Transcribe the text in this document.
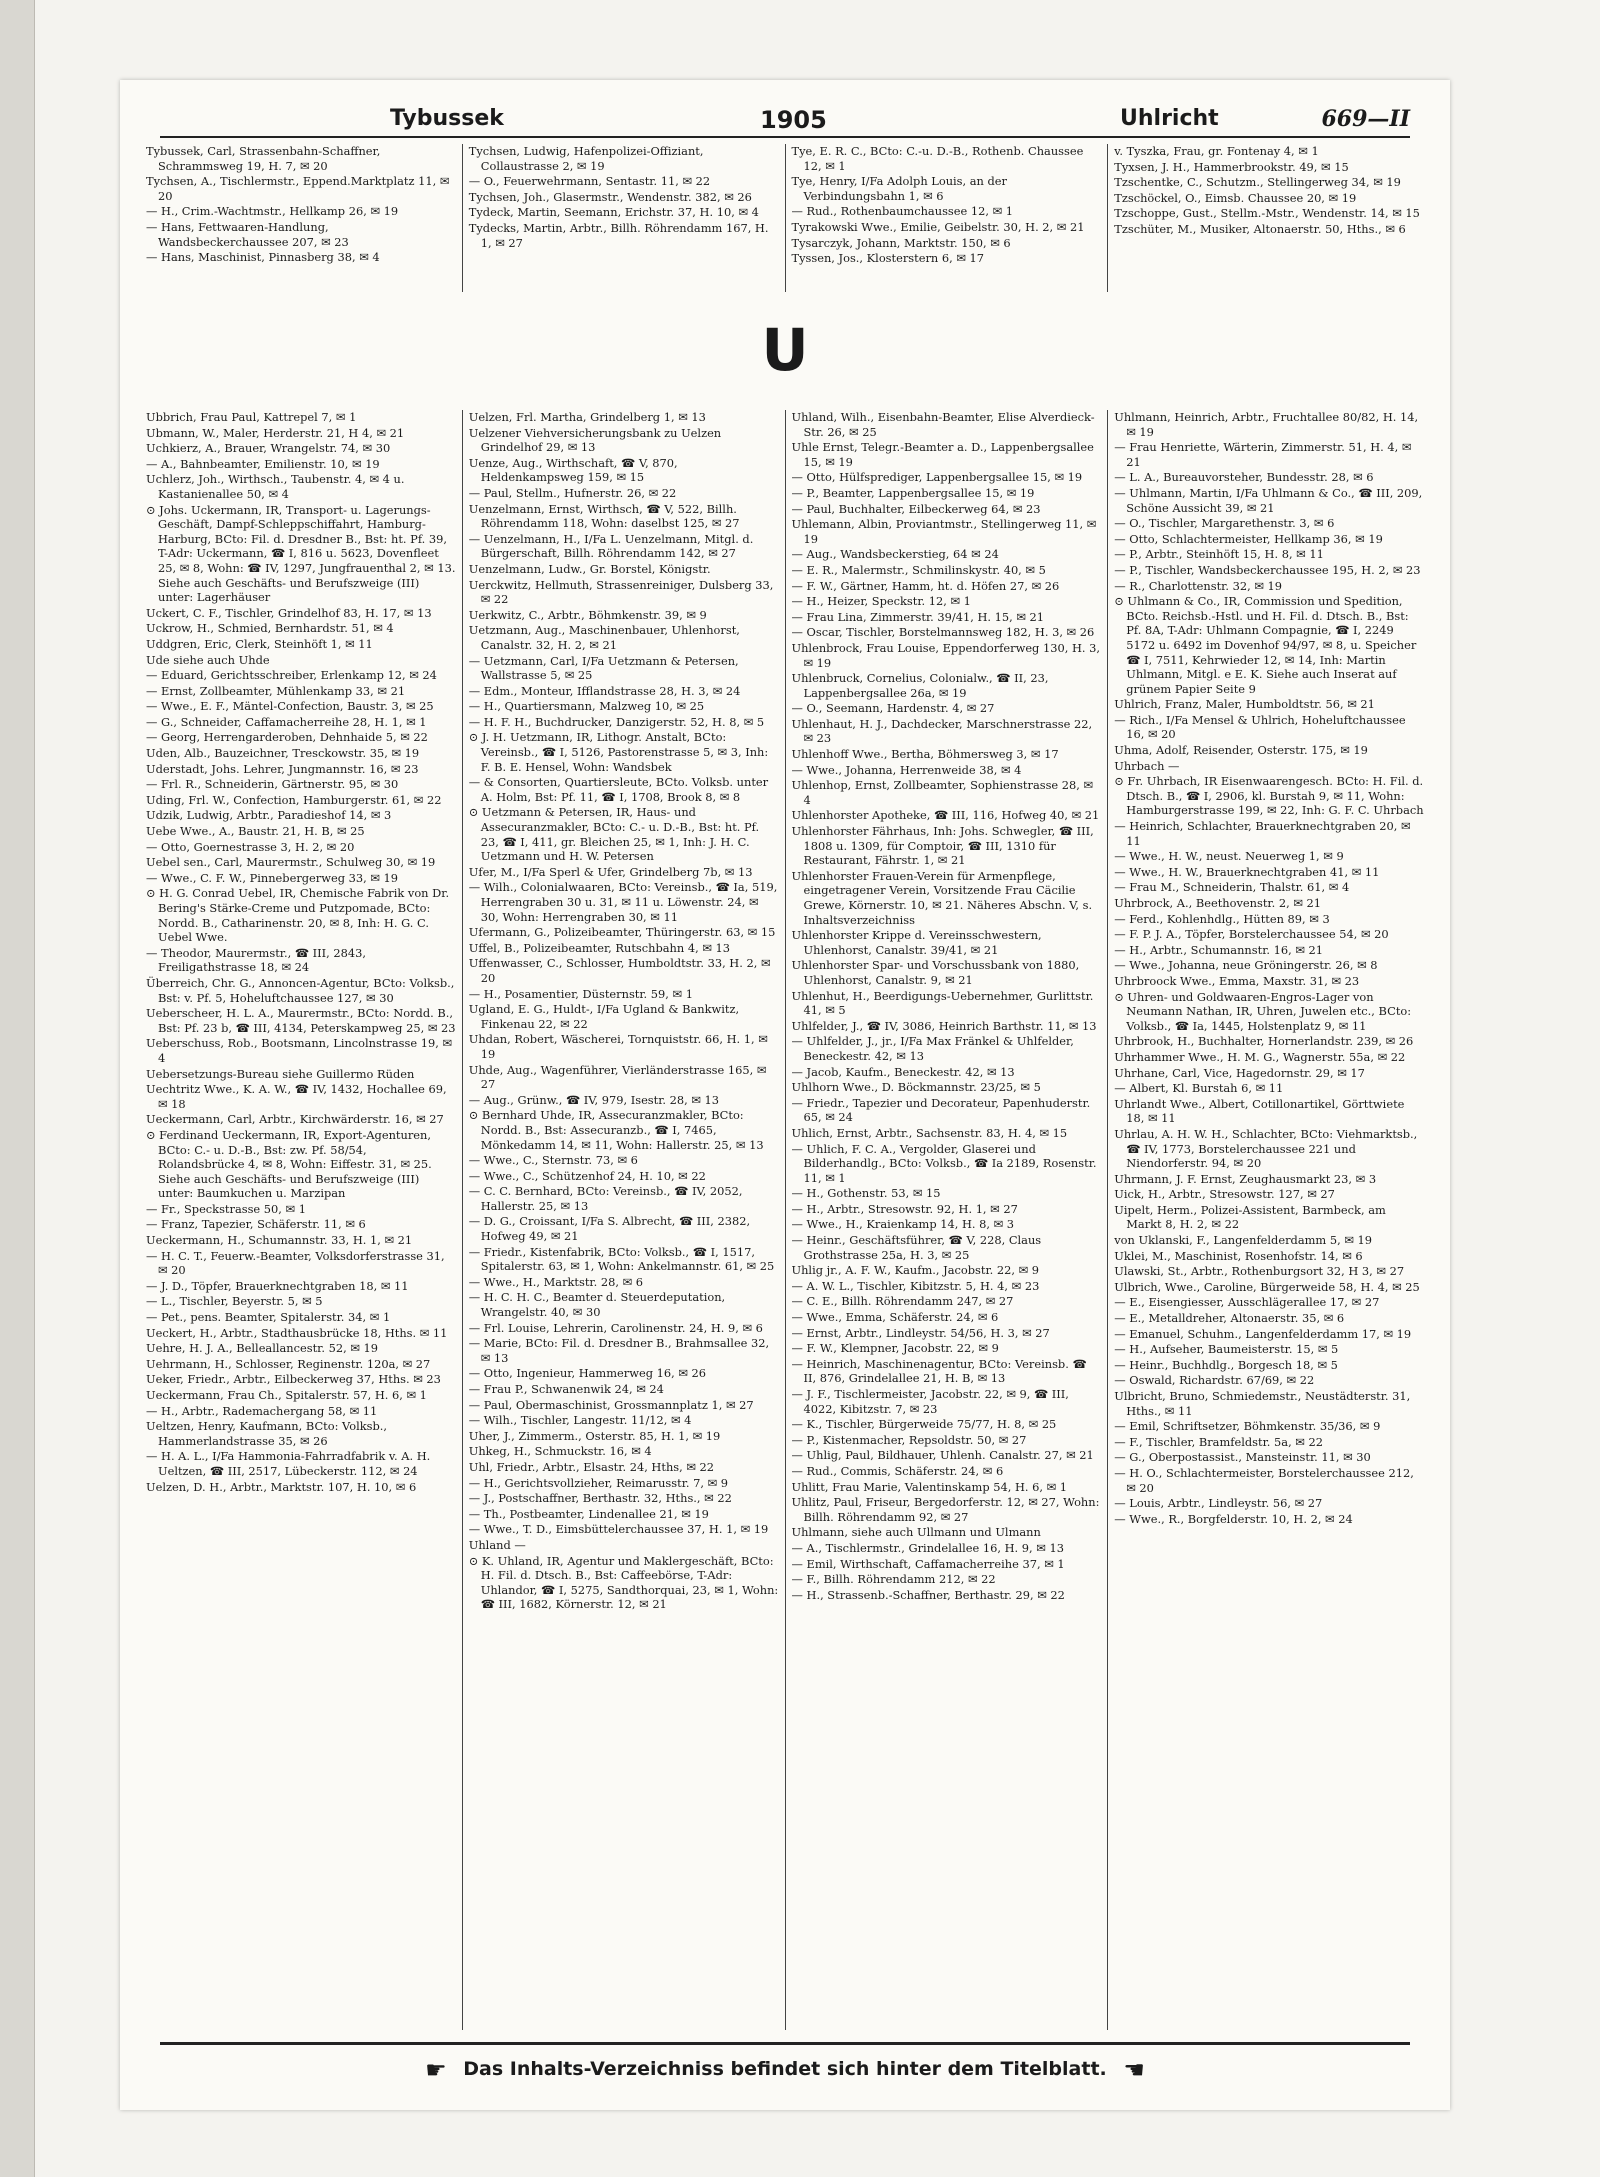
Tybussek	1905	Uhlricht	669—II

Tybussek, Carl, Strassenbahn-Schaffner, Schrammsweg 19, H. 7, ✉ 20

Tychsen, A., Tischlermstr., Eppend.Marktplatz 11, ✉ 20

— H., Crim.-Wachtmstr., Hellkamp 26, ✉ 19

— Hans, Fettwaaren-Handlung, Wandsbeckerchaussee 207, ✉ 23

— Hans, Maschinist, Pinnasberg 38, ✉ 4

Tychsen, Ludwig, Hafenpolizei-Offiziant, Collaustrasse 2, ✉ 19

— O., Feuerwehrmann, Sentastr. 11, ✉ 22

Tychsen, Joh., Glasermstr., Wendenstr. 382, ✉ 26

Tydeck, Martin, Seemann, Erichstr. 37, H. 10, ✉ 4

Tydecks, Martin, Arbtr., Billh. Röhrendamm 167, H. 1, ✉ 27

Tye, E. R. C., BCto: C.-u. D.-B., Rothenb. Chaussee 12, ✉ 1

Tye, Henry, I/Fa Adolph Louis, an der Verbindungsbahn 1, ✉ 6

— Rud., Rothenbaumchaussee 12, ✉ 1

Tyrakowski Wwe., Emilie, Geibelstr. 30, H. 2, ✉ 21

Tysarczyk, Johann, Marktstr. 150, ✉ 6

Tyssen, Jos., Klosterstern 6, ✉ 17

v. Tyszka, Frau, gr. Fontenay 4, ✉ 1

Tyxsen, J. H., Hammerbrookstr. 49, ✉ 15

Tzschentke, C., Schutzm., Stellingerweg 34, ✉ 19

Tzschöckel, O., Eimsb. Chaussee 20, ✉ 19

Tzschoppe, Gust., Stellm.-Mstr., Wendenstr. 14, ✉ 15

Tzschüter, M., Musiker, Altonaerstr. 50, Hths., ✉ 6

U

Ubbrich, Frau Paul, Kattrepel 7, ✉ 1

Ubmann, W., Maler, Herderstr. 21, H 4, ✉ 21

Uchkierz, A., Brauer, Wrangelstr. 74, ✉ 30

— A., Bahnbeamter, Emilienstr. 10, ✉ 19

Uchlerz, Joh., Wirthsch., Taubenstr. 4, ✉ 4 u. Kastanienallee 50, ✉ 4

⊙ Johs. Uckermann, IR, Transport- u. Lagerungs-Geschäft, Dampf-Schleppschiffahrt, Hamburg-Harburg, BCto: Fil. d. Dresdner B., Bst: ht. Pf. 39, T-Adr: Uckermann, ☎ I, 816 u. 5623, Dovenfleet 25, ✉ 8, Wohn: ☎ IV, 1297, Jungfrauenthal 2, ✉ 13. Siehe auch Geschäfts- und Berufszweige (III) unter: Lagerhäuser

Uckert, C. F., Tischler, Grindelhof 83, H. 17, ✉ 13

Uckrow, H., Schmied, Bernhardstr. 51, ✉ 4

Uddgren, Eric, Clerk, Steinhöft 1, ✉ 11

Ude siehe auch Uhde

— Eduard, Gerichtsschreiber, Erlenkamp 12, ✉ 24

— Ernst, Zollbeamter, Mühlenkamp 33, ✉ 21

— Wwe., E. F., Mäntel-Confection, Baustr. 3, ✉ 25

— G., Schneider, Caffamacherreihe 28, H. 1, ✉ 1

— Georg, Herrengarderoben, Dehnhaide 5, ✉ 22

Uden, Alb., Bauzeichner, Tresckowstr. 35, ✉ 19

Uderstadt, Johs. Lehrer, Jungmannstr. 16, ✉ 23

— Frl. R., Schneiderin, Gärtnerstr. 95, ✉ 30

Uding, Frl. W., Confection, Hamburgerstr. 61, ✉ 22

Udzik, Ludwig, Arbtr., Paradieshof 14, ✉ 3

Uebe Wwe., A., Baustr. 21, H. B, ✉ 25

— Otto, Goernestrasse 3, H. 2, ✉ 20

Uebel sen., Carl, Maurermstr., Schulweg 30, ✉ 19

— Wwe., C. F. W., Pinnebergerweg 33, ✉ 19

⊙ H. G. Conrad Uebel, IR, Chemische Fabrik von Dr. Bering's Stärke-Creme und Putzpomade, BCto: Nordd. B., Catharinenstr. 20, ✉ 8, Inh: H. G. C. Uebel Wwe.

— Theodor, Maurermstr., ☎ III, 2843, Freiligathstrasse 18, ✉ 24

Überreich, Chr. G., Annoncen-Agentur, BCto: Volksb., Bst: v. Pf. 5, Hoheluftchaussee 127, ✉ 30

Ueberscheer, H. L. A., Maurermstr., BCto: Nordd. B., Bst: Pf. 23 b, ☎ III, 4134, Peterskampweg 25, ✉ 23

Ueberschuss, Rob., Bootsmann, Lincolnstrasse 19, ✉ 4

Uebersetzungs-Bureau siehe Guillermo Rüden

Uechtritz Wwe., K. A. W., ☎ IV, 1432, Hochallee 69, ✉ 18

Ueckermann, Carl, Arbtr., Kirchwärderstr. 16, ✉ 27

⊙ Ferdinand Ueckermann, IR, Export-Agenturen, BCto: C.- u. D.-B., Bst: zw. Pf. 58/54, Rolandsbrücke 4, ✉ 8, Wohn: Eiffestr. 31, ✉ 25. Siehe auch Geschäfts- und Berufszweige (III) unter: Baumkuchen u. Marzipan

— Fr., Speckstrasse 50, ✉ 1

— Franz, Tapezier, Schäferstr. 11, ✉ 6

Ueckermann, H., Schumannstr. 33, H. 1, ✉ 21

— H. C. T., Feuerw.-Beamter, Volksdorferstrasse 31, ✉ 20

— J. D., Töpfer, Brauerknechtgraben 18, ✉ 11

— L., Tischler, Beyerstr. 5, ✉ 5

— Pet., pens. Beamter, Spitalerstr. 34, ✉ 1

Ueckert, H., Arbtr., Stadthausbrücke 18, Hths. ✉ 11

Uehre, H. J. A., Belleallancestr. 52, ✉ 19

Uehrmann, H., Schlosser, Reginenstr. 120a, ✉ 27

Ueker, Friedr., Arbtr., Eilbeckerweg 37, Hths. ✉ 23

Ueckermann, Frau Ch., Spitalerstr. 57, H. 6, ✉ 1

— H., Arbtr., Rademachergang 58, ✉ 11

Ueltzen, Henry, Kaufmann, BCto: Volksb., Hammerlandstrasse 35, ✉ 26

— H. A. L., I/Fa Hammonia-Fahrradfabrik v. A. H. Ueltzen, ☎ III, 2517, Lübeckerstr. 112, ✉ 24

Uelzen, D. H., Arbtr., Marktstr. 107, H. 10, ✉ 6

Uelzen, Frl. Martha, Grindelberg 1, ✉ 13

Uelzener Viehversicherungsbank zu Uelzen Grindelhof 29, ✉ 13

Uenze, Aug., Wirthschaft, ☎ V, 870, Heldenkampsweg 159, ✉ 15

— Paul, Stellm., Hufnerstr. 26, ✉ 22

Uenzelmann, Ernst, Wirthsch, ☎ V, 522, Billh. Röhrendamm 118, Wohn: daselbst 125, ✉ 27

— Uenzelmann, H., I/Fa L. Uenzelmann, Mitgl. d. Bürgerschaft, Billh. Röhrendamm 142, ✉ 27

Uenzelmann, Ludw., Gr. Borstel, Königstr.

Uerckwitz, Hellmuth, Strassenreiniger, Dulsberg 33, ✉ 22

Uerkwitz, C., Arbtr., Böhmkenstr. 39, ✉ 9

Uetzmann, Aug., Maschinenbauer, Uhlenhorst, Canalstr. 32, H. 2, ✉ 21

— Uetzmann, Carl, I/Fa Uetzmann & Petersen, Wallstrasse 5, ✉ 25

— Edm., Monteur, Ifflandstrasse 28, H. 3, ✉ 24

— H., Quartiersmann, Malzweg 10, ✉ 25

— H. F. H., Buchdrucker, Danzigerstr. 52, H. 8, ✉ 5

⊙ J. H. Uetzmann, IR, Lithogr. Anstalt, BCto: Vereinsb., ☎ I, 5126, Pastorenstrasse 5, ✉ 3, Inh: F. B. E. Hensel, Wohn: Wandsbek

— & Consorten, Quartiersleute, BCto. Volksb. unter A. Holm, Bst: Pf. 11, ☎ I, 1708, Brook 8, ✉ 8

⊙ Uetzmann & Petersen, IR, Haus- und Assecuranzmakler, BCto: C.- u. D.-B., Bst: ht. Pf. 23, ☎ I, 411, gr. Bleichen 25, ✉ 1, Inh: J. H. C. Uetzmann und H. W. Petersen

Ufer, M., I/Fa Sperl & Ufer, Grindelberg 7b, ✉ 13

— Wilh., Colonialwaaren, BCto: Vereinsb., ☎ Ia, 519, Herrengraben 30 u. 31, ✉ 11 u. Löwenstr. 24, ✉ 30, Wohn: Herrengraben 30, ✉ 11

Ufermann, G., Polizeibeamter, Thüringerstr. 63, ✉ 15

Uffel, B., Polizeibeamter, Rutschbahn 4, ✉ 13

Uffenwasser, C., Schlosser, Humboldtstr. 33, H. 2, ✉ 20

— H., Posamentier, Düsternstr. 59, ✉ 1

Ugland, E. G., Huldt-, I/Fa Ugland & Bankwitz, Finkenau 22, ✉ 22

Uhdan, Robert, Wäscherei, Tornquiststr. 66, H. 1, ✉ 19

Uhde, Aug., Wagenführer, Vierländerstrasse 165, ✉ 27

— Aug., Grünw., ☎ IV, 979, Isestr. 28, ✉ 13

⊙ Bernhard Uhde, IR, Assecuranzmakler, BCto: Nordd. B., Bst: Assecuranzb., ☎ I, 7465, Mönkedamm 14, ✉ 11, Wohn: Hallerstr. 25, ✉ 13

— Wwe., C., Sternstr. 73, ✉ 6

— Wwe., C., Schützenhof 24, H. 10, ✉ 22

— C. C. Bernhard, BCto: Vereinsb., ☎ IV, 2052, Hallerstr. 25, ✉ 13

— D. G., Croissant, I/Fa S. Albrecht, ☎ III, 2382, Hofweg 49, ✉ 21

— Friedr., Kistenfabrik, BCto: Volksb., ☎ I, 1517, Spitalerstr. 63, ✉ 1, Wohn: Ankelmannstr. 61, ✉ 25

— Wwe., H., Marktstr. 28, ✉ 6

— H. C. H. C., Beamter d. Steuerdeputation, Wrangelstr. 40, ✉ 30

— Frl. Louise, Lehrerin, Carolinenstr. 24, H. 9, ✉ 6

— Marie, BCto: Fil. d. Dresdner B., Brahmsallee 32, ✉ 13

— Otto, Ingenieur, Hammerweg 16, ✉ 26

— Frau P., Schwanenwik 24, ✉ 24

— Paul, Obermaschinist, Grossmannplatz 1, ✉ 27

— Wilh., Tischler, Langestr. 11/12, ✉ 4

Uher, J., Zimmerm., Osterstr. 85, H. 1, ✉ 19

Uhkeg, H., Schmuckstr. 16, ✉ 4

Uhl, Friedr., Arbtr., Elsastr. 24, Hths, ✉ 22

— H., Gerichtsvollzieher, Reimarusstr. 7, ✉ 9

— J., Postschaffner, Berthastr. 32, Hths., ✉ 22

— Th., Postbeamter, Lindenallee 21, ✉ 19

— Wwe., T. D., Eimsbüttelerchaussee 37, H. 1, ✉ 19

Uhland —

⊙ K. Uhland, IR, Agentur und Maklergeschäft, BCto: H. Fil. d. Dtsch. B., Bst: Caffeebörse, T-Adr: Uhlandor, ☎ I, 5275, Sandthorquai, 23, ✉ 1, Wohn: ☎ III, 1682, Körnerstr. 12, ✉ 21

Uhland, Wilh., Eisenbahn-Beamter, Elise Alverdieck-Str. 26, ✉ 25

Uhle Ernst, Telegr.-Beamter a. D., Lappenbergsallee 15, ✉ 19

— Otto, Hülfsprediger, Lappenbergsallee 15, ✉ 19

— P., Beamter, Lappenbergsallee 15, ✉ 19

— Paul, Buchhalter, Eilbeckerweg 64, ✉ 23

Uhlemann, Albin, Proviantmstr., Stellingerweg 11, ✉ 19

— Aug., Wandsbeckerstieg, 64 ✉ 24

— E. R., Malermstr., Schmilinskystr. 40, ✉ 5

— F. W., Gärtner, Hamm, ht. d. Höfen 27, ✉ 26

— H., Heizer, Speckstr. 12, ✉ 1

— Frau Lina, Zimmerstr. 39/41, H. 15, ✉ 21

— Oscar, Tischler, Borstelmannsweg 182, H. 3, ✉ 26

Uhlenbrock, Frau Louise, Eppendorferweg 130, H. 3, ✉ 19

Uhlenbruck, Cornelius, Colonialw., ☎ II, 23, Lappenbergsallee 26a, ✉ 19

— O., Seemann, Hardenstr. 4, ✉ 27

Uhlenhaut, H. J., Dachdecker, Marschnerstrasse 22, ✉ 23

Uhlenhoff Wwe., Bertha, Böhmersweg 3, ✉ 17

— Wwe., Johanna, Herrenweide 38, ✉ 4

Uhlenhop, Ernst, Zollbeamter, Sophienstrasse 28, ✉ 4

Uhlenhorster Apotheke, ☎ III, 116, Hofweg 40, ✉ 21

Uhlenhorster Fährhaus, Inh: Johs. Schwegler, ☎ III, 1808 u. 1309, für Comptoir, ☎ III, 1310 für Restaurant, Fährstr. 1, ✉ 21

Uhlenhorster Frauen-Verein für Armenpflege, eingetragener Verein, Vorsitzende Frau Cäcilie Grewe, Körnerstr. 10, ✉ 21. Näheres Abschn. V, s. Inhaltsverzeichniss

Uhlenhorster Krippe d. Vereinsschwestern, Uhlenhorst, Canalstr. 39/41, ✉ 21

Uhlenhorster Spar- und Vorschussbank von 1880, Uhlenhorst, Canalstr. 9, ✉ 21

Uhlenhut, H., Beerdigungs-Uebernehmer, Gurlittstr. 41, ✉ 5

Uhlfelder, J., ☎ IV, 3086, Heinrich Barthstr. 11, ✉ 13

— Uhlfelder, J., jr., I/Fa Max Fränkel & Uhlfelder, Beneckestr. 42, ✉ 13

— Jacob, Kaufm., Beneckestr. 42, ✉ 13

Uhlhorn Wwe., D. Böckmannstr. 23/25, ✉ 5

— Friedr., Tapezier und Decorateur, Papenhuderstr. 65, ✉ 24

Uhlich, Ernst, Arbtr., Sachsenstr. 83, H. 4, ✉ 15

— Uhlich, F. C. A., Vergolder, Glaserei und Bilderhandlg., BCto: Volksb., ☎ Ia 2189, Rosenstr. 11, ✉ 1

— H., Gothenstr. 53, ✉ 15

— H., Arbtr., Stresowstr. 92, H. 1, ✉ 27

— Wwe., H., Kraienkamp 14, H. 8, ✉ 3

— Heinr., Geschäftsführer, ☎ V, 228, Claus Grothstrasse 25a, H. 3, ✉ 25

Uhlig jr., A. F. W., Kaufm., Jacobstr. 22, ✉ 9

— A. W. L., Tischler, Kibitzstr. 5, H. 4, ✉ 23

— C. E., Billh. Röhrendamm 247, ✉ 27

— Wwe., Emma, Schäferstr. 24, ✉ 6

— Ernst, Arbtr., Lindleystr. 54/56, H. 3, ✉ 27

— F. W., Klempner, Jacobstr. 22, ✉ 9

— Heinrich, Maschinenagentur, BCto: Vereinsb. ☎ II, 876, Grindelallee 21, H. B, ✉ 13

— J. F., Tischlermeister, Jacobstr. 22, ✉ 9, ☎ III, 4022, Kibitzstr. 7, ✉ 23

— K., Tischler, Bürgerweide 75/77, H. 8, ✉ 25

— P., Kistenmacher, Repsoldstr. 50, ✉ 27

— Uhlig, Paul, Bildhauer, Uhlenh. Canalstr. 27, ✉ 21

— Rud., Commis, Schäferstr. 24, ✉ 6

Uhlitt, Frau Marie, Valentinskamp 54, H. 6, ✉ 1

Uhlitz, Paul, Friseur, Bergedorferstr. 12, ✉ 27, Wohn: Billh. Röhrendamm 92, ✉ 27

Uhlmann, siehe auch Ullmann und Ulmann

— A., Tischlermstr., Grindelallee 16, H. 9, ✉ 13

— Emil, Wirthschaft, Caffamacherreihe 37, ✉ 1

— F., Billh. Röhrendamm 212, ✉ 22

— H., Strassenb.-Schaffner, Berthastr. 29, ✉ 22

Uhlmann, Heinrich, Arbtr., Fruchtallee 80/82, H. 14, ✉ 19

— Frau Henriette, Wärterin, Zimmerstr. 51, H. 4, ✉ 21

— L. A., Bureauvorsteher, Bundesstr. 28, ✉ 6

— Uhlmann, Martin, I/Fa Uhlmann & Co., ☎ III, 209, Schöne Aussicht 39, ✉ 21

— O., Tischler, Margarethenstr. 3, ✉ 6

— Otto, Schlachtermeister, Hellkamp 36, ✉ 19

— P., Arbtr., Steinhöft 15, H. 8, ✉ 11

— P., Tischler, Wandsbeckerchaussee 195, H. 2, ✉ 23

— R., Charlottenstr. 32, ✉ 19

⊙ Uhlmann & Co., IR, Commission und Spedition, BCto. Reichsb.-Hstl. und H. Fil. d. Dtsch. B., Bst: Pf. 8A, T-Adr: Uhlmann Compagnie, ☎ I, 2249 5172 u. 6492 im Dovenhof 94/97, ✉ 8, u. Speicher ☎ I, 7511, Kehrwieder 12, ✉ 14, Inh: Martin Uhlmann, Mitgl. e E. K. Siehe auch Inserat auf grünem Papier Seite 9

Uhlrich, Franz, Maler, Humboldtstr. 56, ✉ 21

— Rich., I/Fa Mensel & Uhlrich, Hoheluftchaussee 16, ✉ 20

Uhma, Adolf, Reisender, Osterstr. 175, ✉ 19

Uhrbach —

⊙ Fr. Uhrbach, IR Eisenwaarengesch. BCto: H. Fil. d. Dtsch. B., ☎ I, 2906, kl. Burstah 9, ✉ 11, Wohn: Hamburgerstrasse 199, ✉ 22, Inh: G. F. C. Uhrbach

— Heinrich, Schlachter, Brauerknechtgraben 20, ✉ 11

— Wwe., H. W., neust. Neuerweg 1, ✉ 9

— Wwe., H. W., Brauerknechtgraben 41, ✉ 11

— Frau M., Schneiderin, Thalstr. 61, ✉ 4

Uhrbrock, A., Beethovenstr. 2, ✉ 21

— Ferd., Kohlenhdlg., Hütten 89, ✉ 3

— F. P. J. A., Töpfer, Borstelerchaussee 54, ✉ 20

— H., Arbtr., Schumannstr. 16, ✉ 21

— Wwe., Johanna, neue Gröningerstr. 26, ✉ 8

Uhrbroock Wwe., Emma, Maxstr. 31, ✉ 23

⊙ Uhren- und Goldwaaren-Engros-Lager von Neumann Nathan, IR, Uhren, Juwelen etc., BCto: Volksb., ☎ Ia, 1445, Holstenplatz 9, ✉ 11

Uhrbrook, H., Buchhalter, Hornerlandstr. 239, ✉ 26

Uhrhammer Wwe., H. M. G., Wagnerstr. 55a, ✉ 22

Uhrhane, Carl, Vice, Hagedornstr. 29, ✉ 17

— Albert, Kl. Burstah 6, ✉ 11

Uhrlandt Wwe., Albert, Cotillonartikel, Görttwiete 18, ✉ 11

Uhrlau, A. H. W. H., Schlachter, BCto: Viehmarktsb., ☎ IV, 1773, Borstelerchaussee 221 und Niendorferstr. 94, ✉ 20

Uhrmann, J. F. Ernst, Zeughausmarkt 23, ✉ 3

Uick, H., Arbtr., Stresowstr. 127, ✉ 27

Uipelt, Herm., Polizei-Assistent, Barmbeck, am Markt 8, H. 2, ✉ 22

von Uklanski, F., Langenfelderdamm 5, ✉ 19

Uklei, M., Maschinist, Rosenhofstr. 14, ✉ 6

Ulawski, St., Arbtr., Rothenburgsort 32, H 3, ✉ 27

Ulbrich, Wwe., Caroline, Bürgerweide 58, H. 4, ✉ 25

— E., Eisengiesser, Ausschlägerallee 17, ✉ 27

— E., Metalldreher, Altonaerstr. 35, ✉ 6

— Emanuel, Schuhm., Langenfelderdamm 17, ✉ 19

— H., Aufseher, Baumeisterstr. 15, ✉ 5

— Heinr., Buchhdlg., Borgesch 18, ✉ 5

— Oswald, Richardstr. 67/69, ✉ 22

Ulbricht, Bruno, Schmiedemstr., Neustädterstr. 31, Hths., ✉ 11

— Emil, Schriftsetzer, Böhmkenstr. 35/36, ✉ 9

— F., Tischler, Bramfeldstr. 5a, ✉ 22

— G., Oberpostassist., Mansteinstr. 11, ✉ 30

— H. O., Schlachtermeister, Borstelerchaussee 212, ✉ 20

— Louis, Arbtr., Lindleystr. 56, ✉ 27

— Wwe., R., Borgfelderstr. 10, H. 2, ✉ 24

☛ Das Inhalts-Verzeichniss befindet sich hinter dem Titelblatt. ☚
